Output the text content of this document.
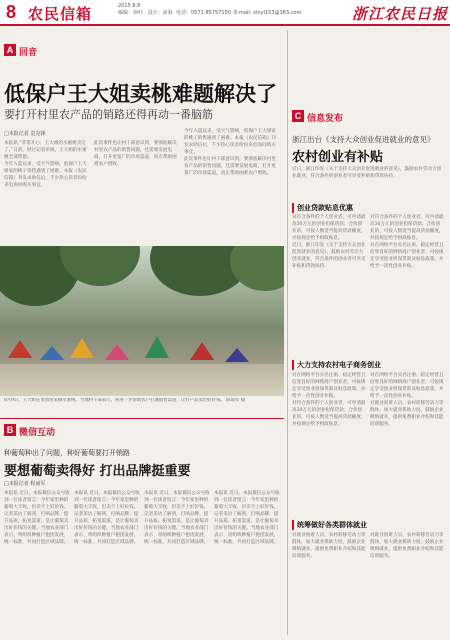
8 农民信箱	2015.8.8
编辑：俞叶 · 设计：俞海 电话：0571-85757150 E-mail: xinyi153@163.com	浙江农民日报
A 回音
低保户王大姐卖桃难题解决了
要打开村里农产品的销路还得再动一番脑筋
□本报记者 袁克锋

本报讯 “非常开心，王大姐的水蜜桃卖完了。”日前，经过记者牵线，王大姐的水蜜桃全部售罄。

今年入夏以来，受天气影响，低保户王大姐家的桃子销售遇到了困难。本报《农民信箱》刊发求助信后，不少热心读者纷纷来电询问购买事宜。

此次事件也让村干部意识到，要彻底解决村里农产品的销售问题，还需要发展电商，打开更宽广的市场渠道，真正帮助困难农户增收。

今年入夏以来，受天气影响，低保户王大姐家的桃子销售遇到了困难。本报《农民信箱》刊发求助信后，不少热心读者纷纷来电询问购买事宜。

此次事件也让村干部意识到，要彻底解决村里农产品的销售问题，还需要发展电商，打开更宽广的市场渠道，真正帮助困难农户增收。

8月9日，王大姐在果园里采摘水蜜桃。当地村干部表示，将进一步帮助农户打通销售渠道，让好产品卖出好价钱。 陈海军 摄
B 微信互动
种葡萄种出了问题，种好葡萄要打开销路
要想葡萄卖得好 打出品牌挺重要
□本报记者 程丽军

本报讯 近日，本报微信公众号收到一位读者留言：今年家里种的葡萄大丰收，但卖不上好价钱。记者采访了解到，打响品牌、提升品质、拓宽渠道，是让葡萄卖出好价钱的关键。当地农业部门表示，将组织种植户抱团发展，统一标准，共同打造区域品牌。

本报讯 近日，本报微信公众号收到一位读者留言：今年家里种的葡萄大丰收，但卖不上好价钱。记者采访了解到，打响品牌、提升品质、拓宽渠道，是让葡萄卖出好价钱的关键。当地农业部门表示，将组织种植户抱团发展，统一标准，共同打造区域品牌。

本报讯 近日，本报微信公众号收到一位读者留言：今年家里种的葡萄大丰收，但卖不上好价钱。记者采访了解到，打响品牌、提升品质、拓宽渠道，是让葡萄卖出好价钱的关键。当地农业部门表示，将组织种植户抱团发展，统一标准，共同打造区域品牌。

本报讯 近日，本报微信公众号收到一位读者留言：今年家里种的葡萄大丰收，但卖不上好价钱。记者采访了解到，打响品牌、提升品质、拓宽渠道，是让葡萄卖出好价钱的关键。当地农业部门表示，将组织种植户抱团发展，统一标准，共同打造区域品牌。

C 信息发布
浙江出台《支持大众创业促进就业的意见》
农村创业有补贴

近日，浙江印发《关于支持大众创业促进就业的意见》，鼓励农村劳动力创业就业，符合条件的创业者可享受补贴和贷款扶持。

创业贷款贴息优惠

对符合条件的个人创业者，可申请最高30万元的创业担保贷款；合伙创业的，可按人数适当提高贷款额度，并按规定给予财政贴息。

近日，浙江印发《关于支持大众创业促进就业的意见》，鼓励农村劳动力创业就业，符合条件的创业者可享受补贴和贷款扶持。

对符合条件的个人创业者，可申请最高30万元的创业担保贷款；合伙创业的，可按人数适当提高贷款额度，并按规定给予财政贴息。

对在网络平台实名注册、稳定经营且信誉良好的网络商户创业者，可按规定享受创业担保贷款及贴息政策，并给予一次性创业补贴。

大力支持农村电子商务创业

对在网络平台实名注册、稳定经营且信誉良好的网络商户创业者，可按规定享受创业担保贷款及贴息政策，并给予一次性创业补贴。

对符合条件的个人创业者，可申请最高30万元的创业担保贷款；合伙创业的，可按人数适当提高贷款额度，并按规定给予财政贴息。

对在网络平台实名注册、稳定经营且信誉良好的网络商户创业者，可按规定享受创业担保贷款及贴息政策，并给予一次性创业补贴。

对就业困难人员、农村转移劳动力等群体，加大就业援助力度，鼓励企业吸纳就业，提供免费职业介绍和技能培训服务。

统筹做好各类群体就业

对就业困难人员、农村转移劳动力等群体，加大就业援助力度，鼓励企业吸纳就业，提供免费职业介绍和技能培训服务。

对就业困难人员、农村转移劳动力等群体，加大就业援助力度，鼓励企业吸纳就业，提供免费职业介绍和技能培训服务。
